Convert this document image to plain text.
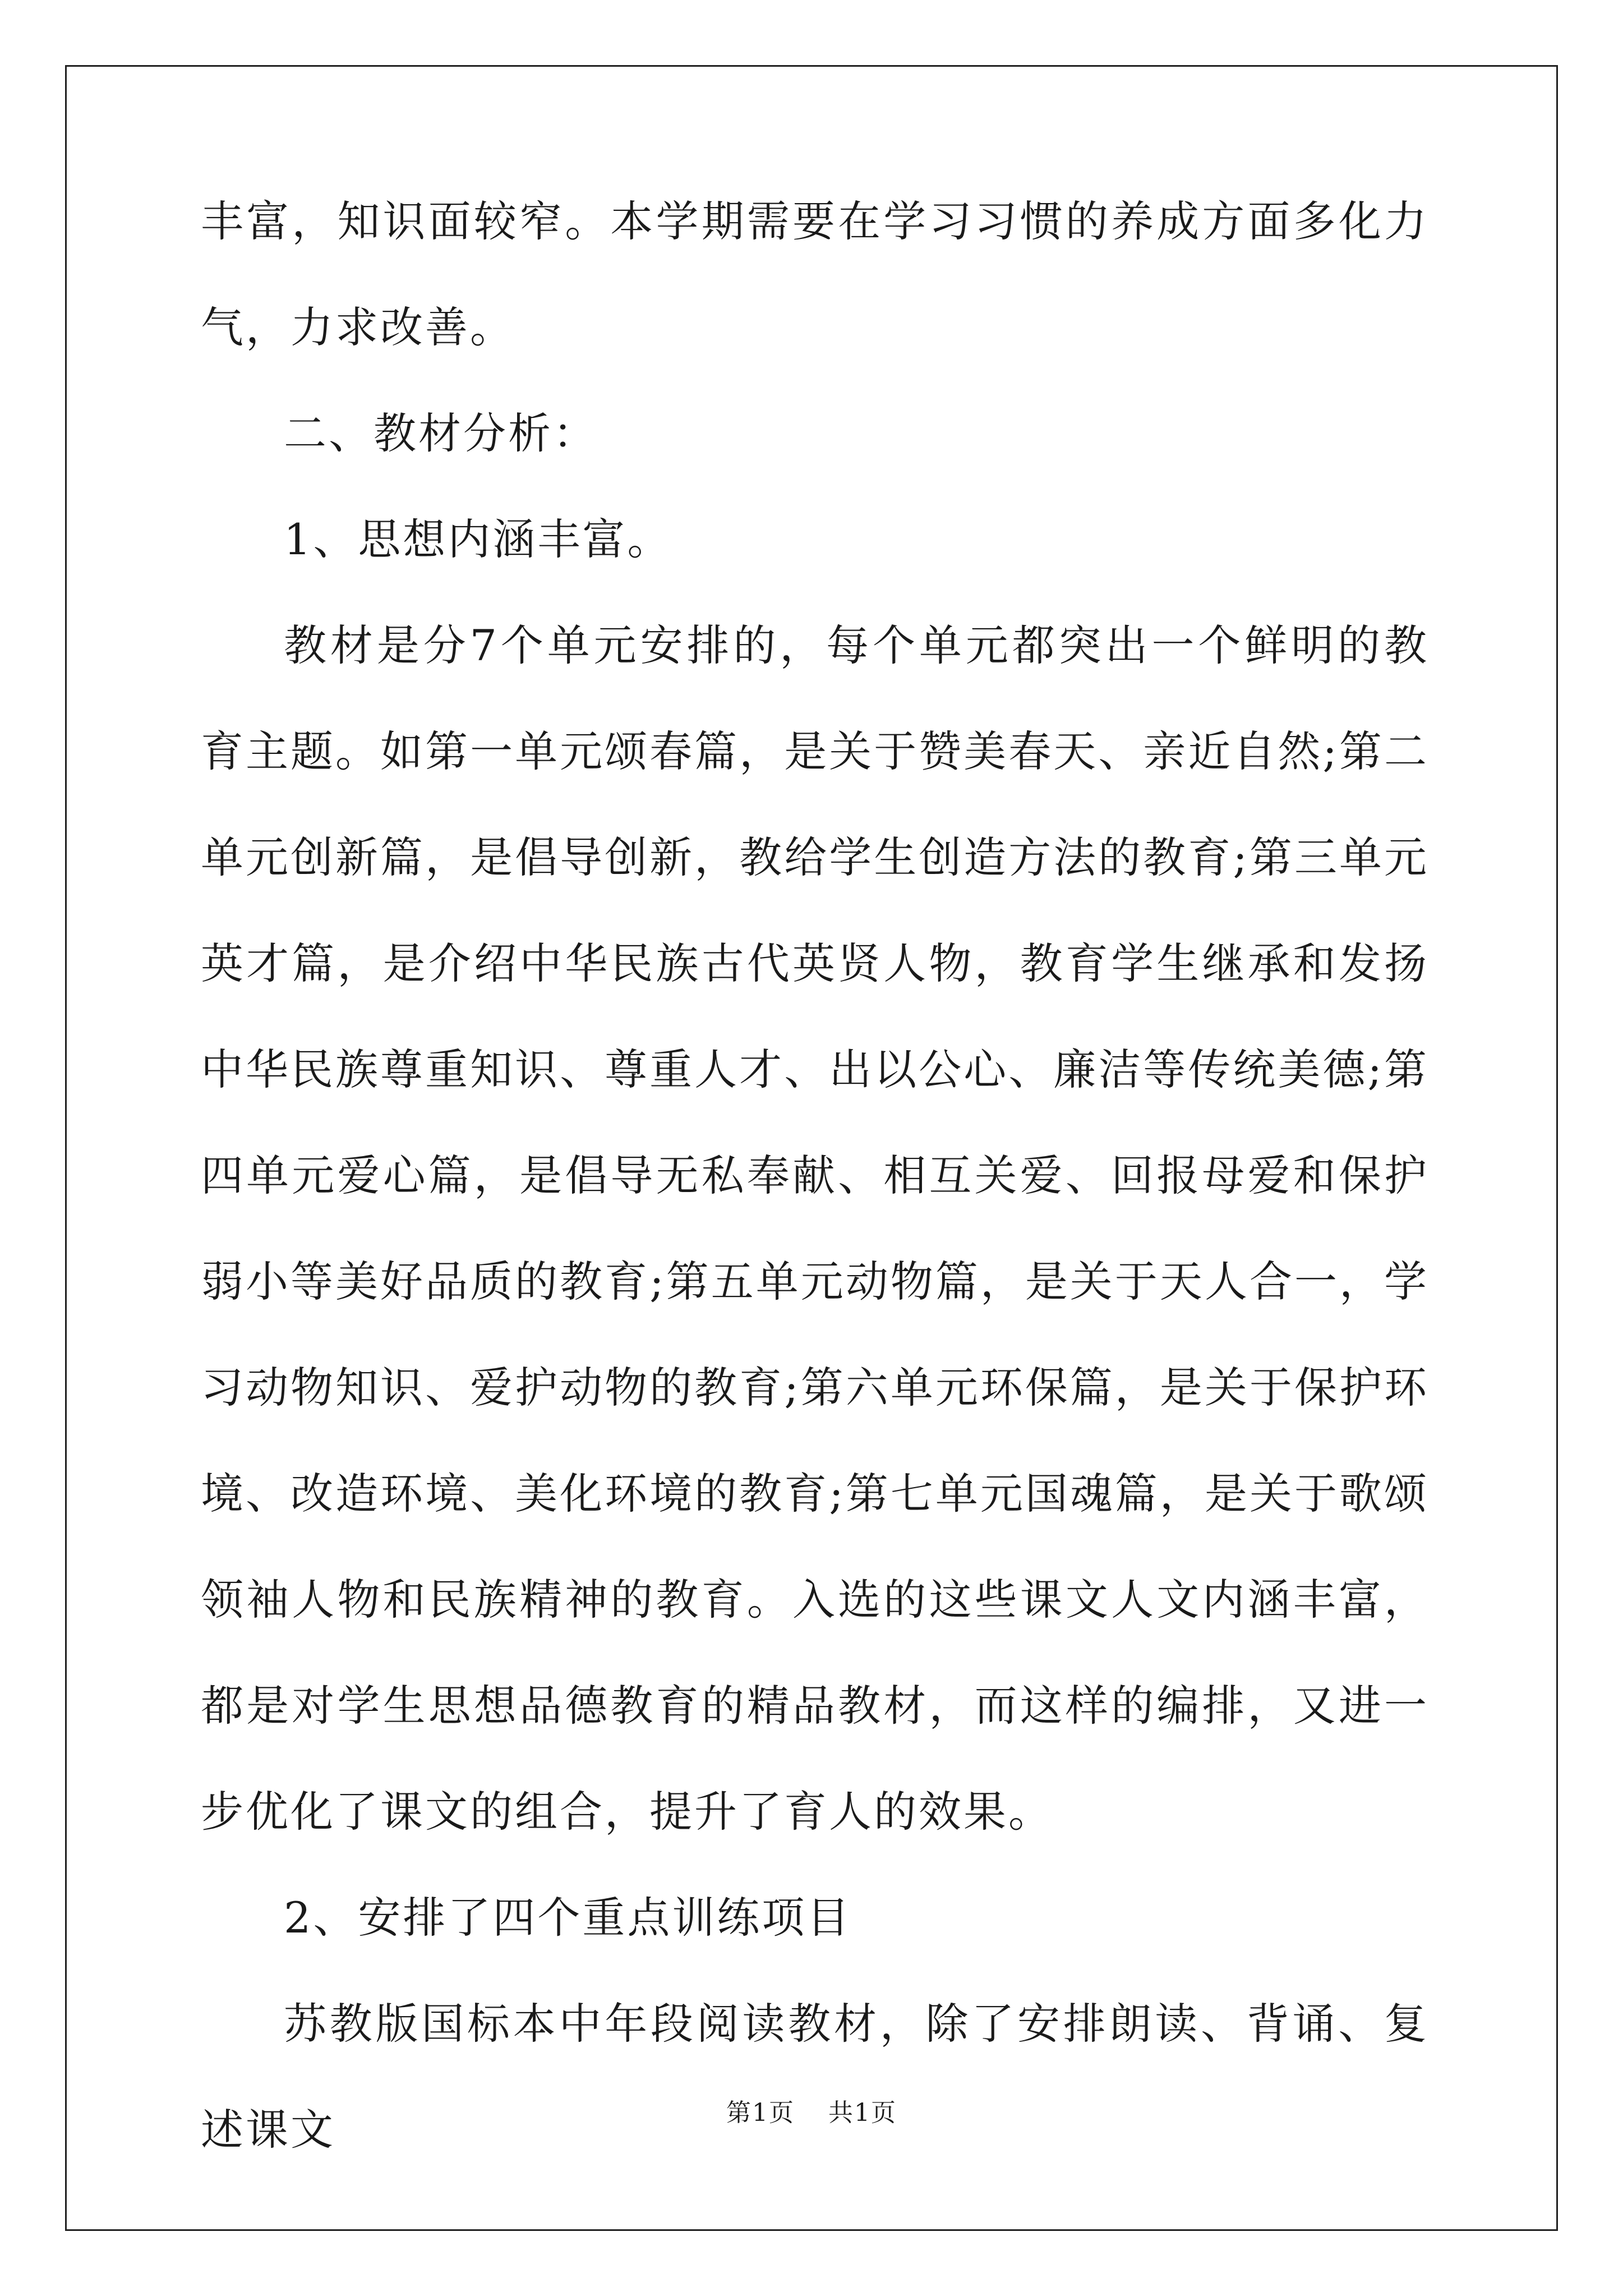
丰富，知识面较窄。本学期需要在学习习惯的养成方面多化力气，力求改善。

二、教材分析：

1、思想内涵丰富。

教材是分7个单元安排的，每个单元都突出一个鲜明的教育主题。如第一单元颂春篇，是关于赞美春天、亲近自然;第二单元创新篇，是倡导创新，教给学生创造方法的教育;第三单元英才篇，是介绍中华民族古代英贤人物，教育学生继承和发扬中华民族尊重知识、尊重人才、出以公心、廉洁等传统美德;第四单元爱心篇，是倡导无私奉献、相互关爱、回报母爱和保护弱小等美好品质的教育;第五单元动物篇，是关于天人合一，学习动物知识、爱护动物的教育;第六单元环保篇，是关于保护环境、改造环境、美化环境的教育;第七单元国魂篇，是关于歌颂领袖人物和民族精神的教育。入选的这些课文人文内涵丰富，都是对学生思想品德教育的精品教材，而这样的编排，又进一步优化了课文的组合，提升了育人的效果。

2、安排了四个重点训练项目

苏教版国标本中年段阅读教材，除了安排朗读、背诵、复述课文	第1页 共1页
